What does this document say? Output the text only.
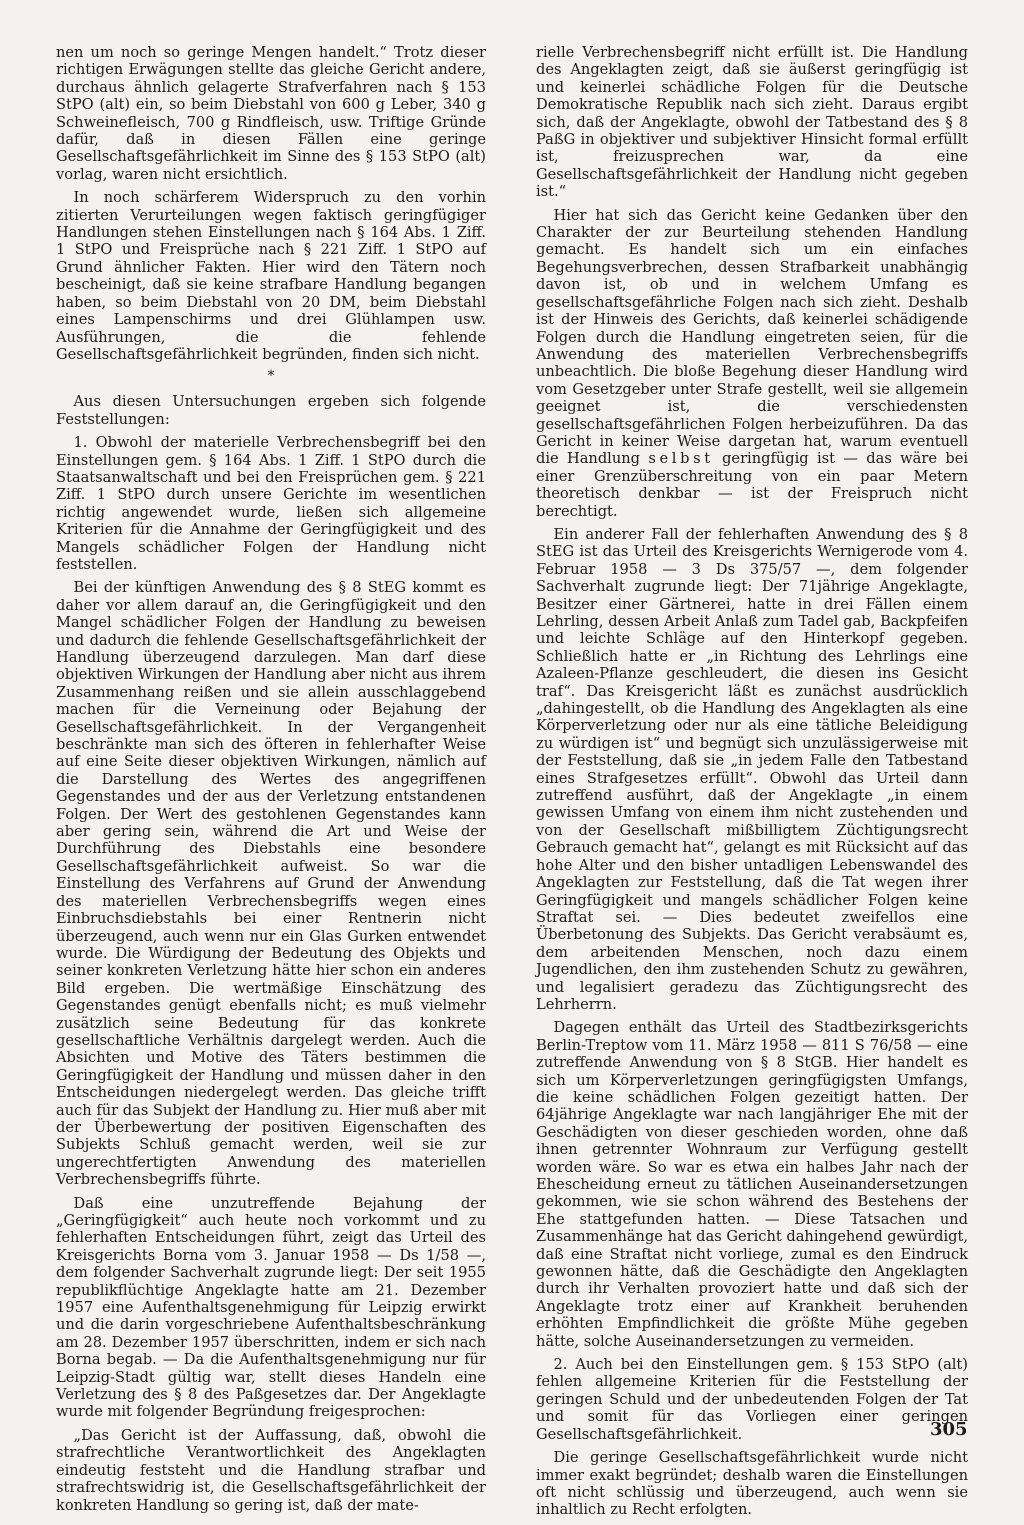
nen um noch so geringe Mengen handelt.“ Trotz dieser richtigen Erwägungen stellte das gleiche Gericht andere, durchaus ähnlich gelagerte Strafverfahren nach § 153 StPO (alt) ein, so beim Diebstahl von 600 g Leber, 340 g Schweinefleisch, 700 g Rindfleisch, usw. Triftige Gründe dafür, daß in diesen Fällen eine geringe Gesellschaftsgefährlichkeit im Sinne des § 153 StPO (alt) vorlag, waren nicht ersichtlich.

In noch schärferem Widerspruch zu den vorhin zitierten Verurteilungen wegen faktisch geringfügiger Handlungen stehen Einstellungen nach § 164 Abs. 1 Ziff. 1 StPO und Freisprüche nach § 221 Ziff. 1 StPO auf Grund ähnlicher Fakten. Hier wird den Tätern noch bescheinigt, daß sie keine strafbare Handlung begangen haben, so beim Diebstahl von 20 DM, beim Diebstahl eines Lampenschirms und drei Glühlampen usw. Ausführungen, die die fehlende Gesellschaftsgefährlichkeit begründen, finden sich nicht.

*

Aus diesen Untersuchungen ergeben sich folgende Feststellungen:

1. Obwohl der materielle Verbrechensbegriff bei den Einstellungen gem. § 164 Abs. 1 Ziff. 1 StPO durch die Staatsanwaltschaft und bei den Freisprüchen gem. § 221 Ziff. 1 StPO durch unsere Gerichte im wesentlichen richtig angewendet wurde, ließen sich allgemeine Kriterien für die Annahme der Geringfügigkeit und des Mangels schädlicher Folgen der Handlung nicht feststellen.

Bei der künftigen Anwendung des § 8 StEG kommt es daher vor allem darauf an, die Geringfügigkeit und den Mangel schädlicher Folgen der Handlung zu beweisen und dadurch die fehlende Gesellschaftsgefährlichkeit der Handlung überzeugend darzulegen. Man darf diese objektiven Wirkungen der Handlung aber nicht aus ihrem Zusammenhang reißen und sie allein ausschlaggebend machen für die Verneinung oder Bejahung der Gesellschaftsgefährlichkeit. In der Vergangenheit beschränkte man sich des öfteren in fehlerhafter Weise auf eine Seite dieser objektiven Wirkungen, nämlich auf die Darstellung des Wertes des angegriffenen Gegenstandes und der aus der Verletzung entstandenen Folgen. Der Wert des gestohlenen Gegenstandes kann aber gering sein, während die Art und Weise der Durchführung des Diebstahls eine besondere Gesellschaftsgefährlichkeit aufweist. So war die Einstellung des Verfahrens auf Grund der Anwendung des materiellen Verbrechensbegriffs wegen eines Einbruchsdiebstahls bei einer Rentnerin nicht überzeugend, auch wenn nur ein Glas Gurken entwendet wurde. Die Würdigung der Bedeutung des Objekts und seiner konkreten Verletzung hätte hier schon ein anderes Bild ergeben. Die wertmäßige Einschätzung des Gegenstandes genügt ebenfalls nicht; es muß vielmehr zusätzlich seine Bedeutung für das konkrete gesellschaftliche Verhältnis dargelegt werden. Auch die Absichten und Motive des Täters bestimmen die Geringfügigkeit der Handlung und müssen daher in den Entscheidungen niedergelegt werden. Das gleiche trifft auch für das Subjekt der Handlung zu. Hier muß aber mit der Überbewertung der positiven Eigenschaften des Subjekts Schluß gemacht werden, weil sie zur ungerechtfertigten Anwendung des materiellen Verbrechensbegriffs führte.

Daß eine unzutreffende Bejahung der „Geringfügigkeit“ auch heute noch vorkommt und zu fehlerhaften Entscheidungen führt, zeigt das Urteil des Kreisgerichts Borna vom 3. Januar 1958 — Ds 1/58 —, dem folgender Sachverhalt zugrunde liegt: Der seit 1955 republikflüchtige Angeklagte hatte am 21. Dezember 1957 eine Aufenthaltsgenehmigung für Leipzig erwirkt und die darin vorgeschriebene Aufenthaltsbeschränkung am 28. Dezember 1957 überschritten, indem er sich nach Borna begab. — Da die Aufenthaltsgenehmigung nur für Leipzig-Stadt gültig war, stellt dieses Handeln eine Verletzung des § 8 des Paßgesetzes dar. Der Angeklagte wurde mit folgender Begründung freigesprochen:

„Das Gericht ist der Auffassung, daß, obwohl die strafrechtliche Verantwortlichkeit des Angeklagten eindeutig feststeht und die Handlung strafbar und strafrechtswidrig ist, die Gesellschaftsgefährlichkeit der konkreten Handlung so gering ist, daß der mate-

rielle Verbrechensbegriff nicht erfüllt ist. Die Handlung des Angeklagten zeigt, daß sie äußerst geringfügig ist und keinerlei schädliche Folgen für die Deutsche Demokratische Republik nach sich zieht. Daraus ergibt sich, daß der Angeklagte, obwohl der Tatbestand des § 8 PaßG in objektiver und subjektiver Hinsicht formal erfüllt ist, freizusprechen war, da eine Gesellschaftsgefährlichkeit der Handlung nicht gegeben ist.“

Hier hat sich das Gericht keine Gedanken über den Charakter der zur Beurteilung stehenden Handlung gemacht. Es handelt sich um ein einfaches Begehungsverbrechen, dessen Strafbarkeit unabhängig davon ist, ob und in welchem Umfang es gesellschaftsgefährliche Folgen nach sich zieht. Deshalb ist der Hinweis des Gerichts, daß keinerlei schädigende Folgen durch die Handlung eingetreten seien, für die Anwendung des materiellen Verbrechensbegriffs unbeachtlich. Die bloße Begehung dieser Handlung wird vom Gesetzgeber unter Strafe gestellt, weil sie allgemein geeignet ist, die verschiedensten gesellschaftsgefährlichen Folgen herbeizuführen. Da das Gericht in keiner Weise dargetan hat, warum eventuell die Handlung selbst geringfügig ist — das wäre bei einer Grenzüberschreitung von ein paar Metern theoretisch denkbar — ist der Freispruch nicht berechtigt.

Ein anderer Fall der fehlerhaften Anwendung des § 8 StEG ist das Urteil des Kreisgerichts Wernigerode vom 4. Februar 1958 — 3 Ds 375/57 —, dem folgender Sachverhalt zugrunde liegt: Der 71jährige Angeklagte, Besitzer einer Gärtnerei, hatte in drei Fällen einem Lehrling, dessen Arbeit Anlaß zum Tadel gab, Backpfeifen und leichte Schläge auf den Hinterkopf gegeben. Schließlich hatte er „in Richtung des Lehrlings eine Azaleen-Pflanze geschleudert, die diesen ins Gesicht traf“. Das Kreisgericht läßt es zunächst ausdrücklich „dahingestellt, ob die Handlung des Angeklagten als eine Körperverletzung oder nur als eine tätliche Beleidigung zu würdigen ist“ und begnügt sich unzulässigerweise mit der Feststellung, daß sie „in jedem Falle den Tatbestand eines Strafgesetzes erfüllt“. Obwohl das Urteil dann zutreffend ausführt, daß der Angeklagte „in einem gewissen Umfang von einem ihm nicht zustehenden und von der Gesellschaft mißbilligtem Züchtigungsrecht Gebrauch gemacht hat“, gelangt es mit Rücksicht auf das hohe Alter und den bisher untadligen Lebenswandel des Angeklagten zur Feststellung, daß die Tat wegen ihrer Geringfügigkeit und mangels schädlicher Folgen keine Straftat sei. — Dies bedeutet zweifellos eine Überbetonung des Subjekts. Das Gericht verabsäumt es, dem arbeitenden Menschen, noch dazu einem Jugendlichen, den ihm zustehenden Schutz zu gewähren, und legalisiert geradezu das Züchtigungsrecht des Lehrherrn.

Dagegen enthält das Urteil des Stadtbezirksgerichts Berlin-Treptow vom 11. März 1958 — 811 S 76/58 — eine zutreffende Anwendung von § 8 StGB. Hier handelt es sich um Körperverletzungen geringfügigsten Umfangs, die keine schädlichen Folgen gezeitigt hatten. Der 64jährige Angeklagte war nach langjähriger Ehe mit der Geschädigten von dieser geschieden worden, ohne daß ihnen getrennter Wohnraum zur Verfügung gestellt worden wäre. So war es etwa ein halbes Jahr nach der Ehescheidung erneut zu tätlichen Auseinandersetzungen gekommen, wie sie schon während des Bestehens der Ehe stattgefunden hatten. — Diese Tatsachen und Zusammenhänge hat das Gericht dahingehend gewürdigt, daß eine Straftat nicht vorliege, zumal es den Eindruck gewonnen hätte, daß die Geschädigte den Angeklagten durch ihr Verhalten provoziert hatte und daß sich der Angeklagte trotz einer auf Krankheit beruhenden erhöhten Empfindlichkeit die größte Mühe gegeben hätte, solche Auseinandersetzungen zu vermeiden.

2. Auch bei den Einstellungen gem. § 153 StPO (alt) fehlen allgemeine Kriterien für die Feststellung der geringen Schuld und der unbedeutenden Folgen der Tat und somit für das Vorliegen einer geringen Gesellschaftsgefährlichkeit.

Die geringe Gesellschaftsgefährlichkeit wurde nicht immer exakt begründet; deshalb waren die Einstellungen oft nicht schlüssig und überzeugend, auch wenn sie inhaltlich zu Recht erfolgten.

305
